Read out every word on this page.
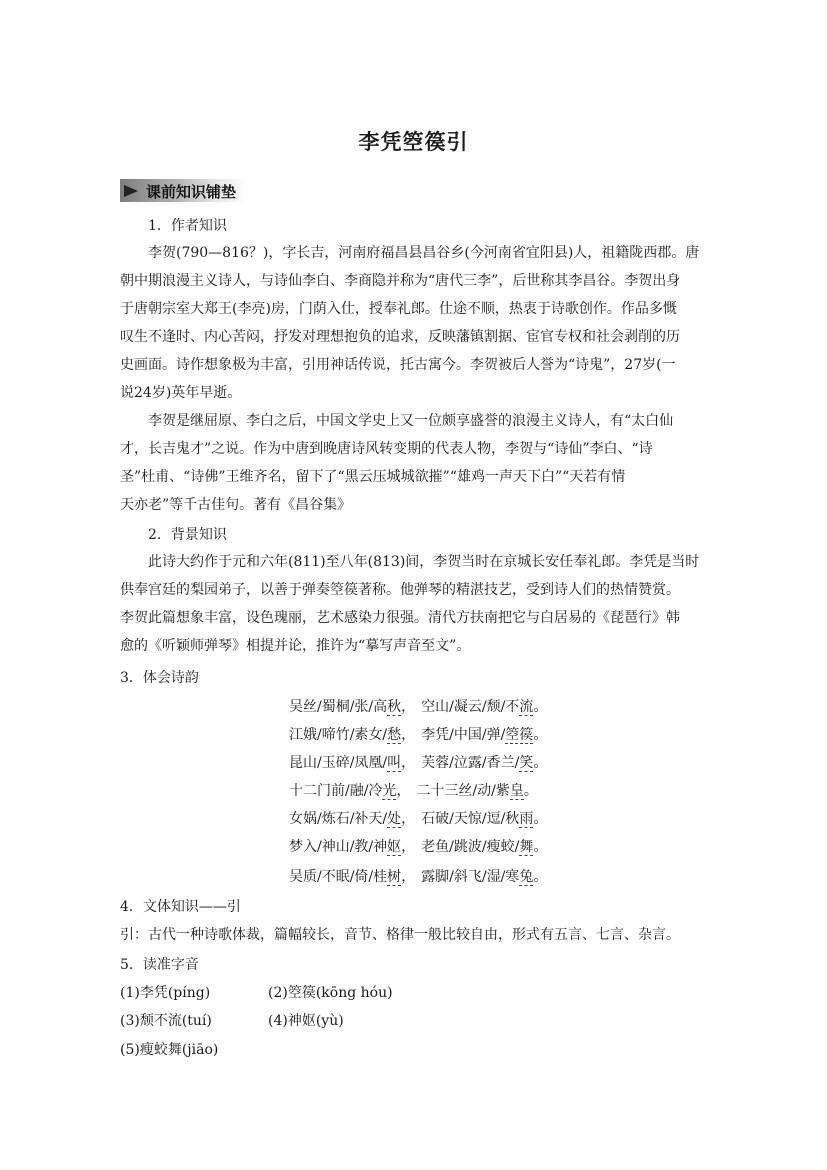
李凭箜篌引
课前知识铺垫
1．作者知识
李贺(790—816？)，字长吉，河南府福昌县昌谷乡(今河南省宜阳县)人，祖籍陇西郡。唐
朝中期浪漫主义诗人，与诗仙李白、李商隐并称为“唐代三李”，后世称其李昌谷。李贺出身
于唐朝宗室大郑王(李亮)房，门荫入仕，授奉礼郎。仕途不顺，热衷于诗歌创作。作品多慨
叹生不逢时、内心苦闷，抒发对理想抱负的追求，反映藩镇割据、宦官专权和社会剥削的历
史画面。诗作想象极为丰富，引用神话传说，托古寓今。李贺被后人誉为“诗鬼”，27岁(一
说24岁)英年早逝。
李贺是继屈原、李白之后，中国文学史上又一位颇享盛誉的浪漫主义诗人，有“太白仙
才，长吉鬼才”之说。作为中唐到晚唐诗风转变期的代表人物，李贺与“诗仙”李白、“诗
圣”杜甫、“诗佛”王维齐名，留下了“黑云压城城欲摧”“雄鸡一声天下白”“天若有情
天亦老”等千古佳句。著有《昌谷集》
2．背景知识
此诗大约作于元和六年(811)至八年(813)间，李贺当时在京城长安任奉礼郎。李凭是当时
供奉宫廷的梨园弟子，以善于弹奏箜篌著称。他弹琴的精湛技艺，受到诗人们的热情赞赏。
李贺此篇想象丰富，设色瑰丽，艺术感染力很强。清代方扶南把它与白居易的《琵琶行》韩
愈的《听颖师弹琴》相提并论，推许为“摹写声音至文”。
3．体会诗韵
吴丝/蜀桐/张/高秋， 空山/凝云/颓/不流。
江娥/啼竹/素女/愁， 李凭/中国/弹/箜篌。
昆山/玉碎/凤凰/叫， 芙蓉/泣露/香兰/笑。
十二门前/融/冷光， 二十三丝/动/紫皇。
女娲/炼石/补天/处， 石破/天惊/逗/秋雨。
梦入/神山/教/神妪， 老鱼/跳波/瘦蛟/舞。
吴质/不眠/倚/桂树， 露脚/斜飞/湿/寒兔。
4．文体知识——引
引：古代一种诗歌体裁，篇幅较长，音节、格律一般比较自由，形式有五言、七言、杂言。
5．读准字音
(1)李凭(píng)	(2)箜篌(kōng hóu)
(3)颓不流(tuí)	(4)神妪(yù)
(5)瘦蛟舞(jiāo)
